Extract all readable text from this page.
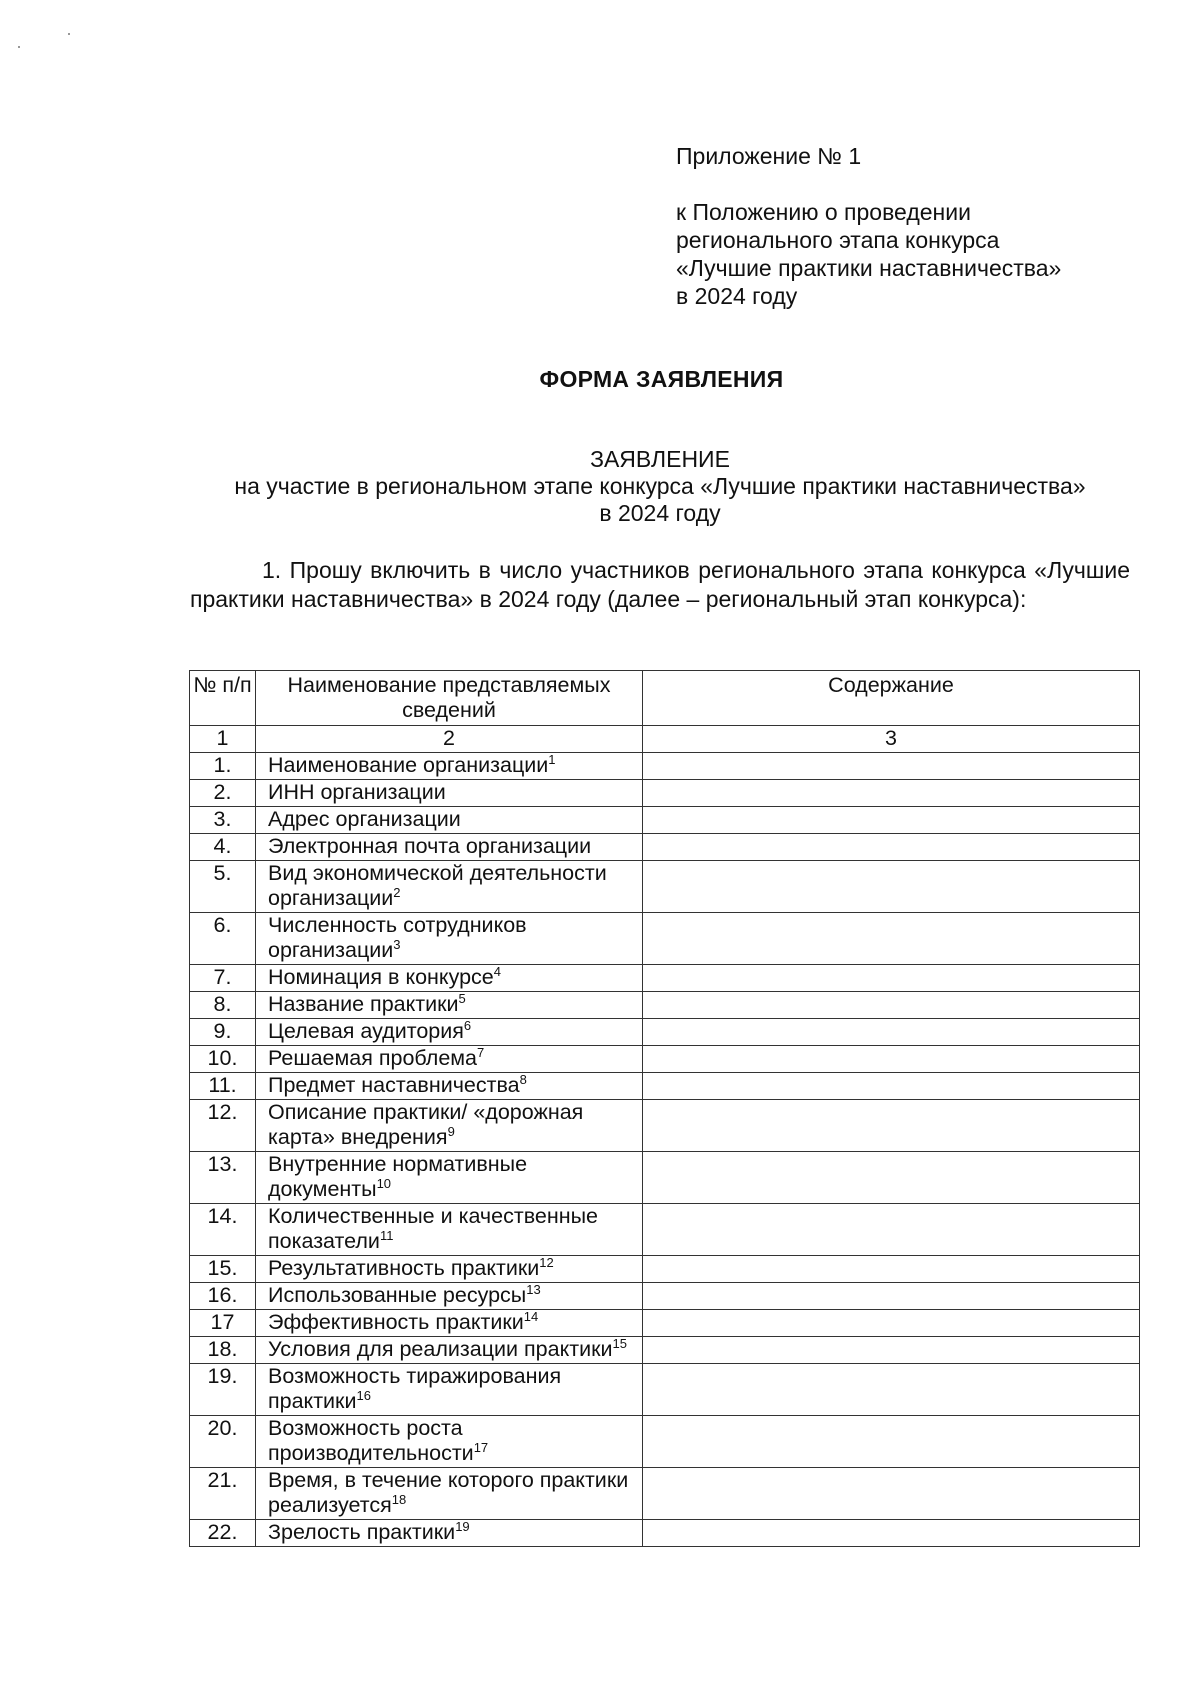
Приложение № 1
к Положению о проведении
регионального этапа конкурса
«Лучшие практики наставничества»
в 2024 году
ФОРМА ЗАЯВЛЕНИЯ
ЗАЯВЛЕНИЕ
на участие в региональном этапе конкурса «Лучшие практики наставничества»
в 2024 году

1. Прошу включить в число участников регионального этапа конкурса «Лучшие практики наставничества» в 2024 году (далее – региональный этап конкурса):

№ п/п	Наименование представляемых сведений	Содержание
1	2	3
1.	Наименование организации$^1$	
2.	ИНН организации	
3.	Адрес организации	
4.	Электронная почта организации	
5.	Вид экономической деятельности организации$^2$	
6.	Численность сотрудников организации$^3$	
7.	Номинация в конкурсе$^4$	
8.	Название практики$^5$	
9.	Целевая аудитория$^6$	
10.	Решаемая проблема$^7$	
11.	Предмет наставничества$^8$	
12.	Описание практики/ «дорожная карта» внедрения$^9$	
13.	Внутренние нормативные документы$^{10}$	
14.	Количественные и качественные показатели$^{11}$	
15.	Результативность практики$^{12}$	
16.	Использованные ресурсы$^{13}$	
17	Эффективность практики$^{14}$	
18.	Условия для реализации практики$^{15}$	
19.	Возможность тиражирования практики$^{16}$	
20.	Возможность роста производительности$^{17}$	
21.	Время, в течение которого практики реализуется$^{18}$	
22.	Зрелость практики$^{19}$	
